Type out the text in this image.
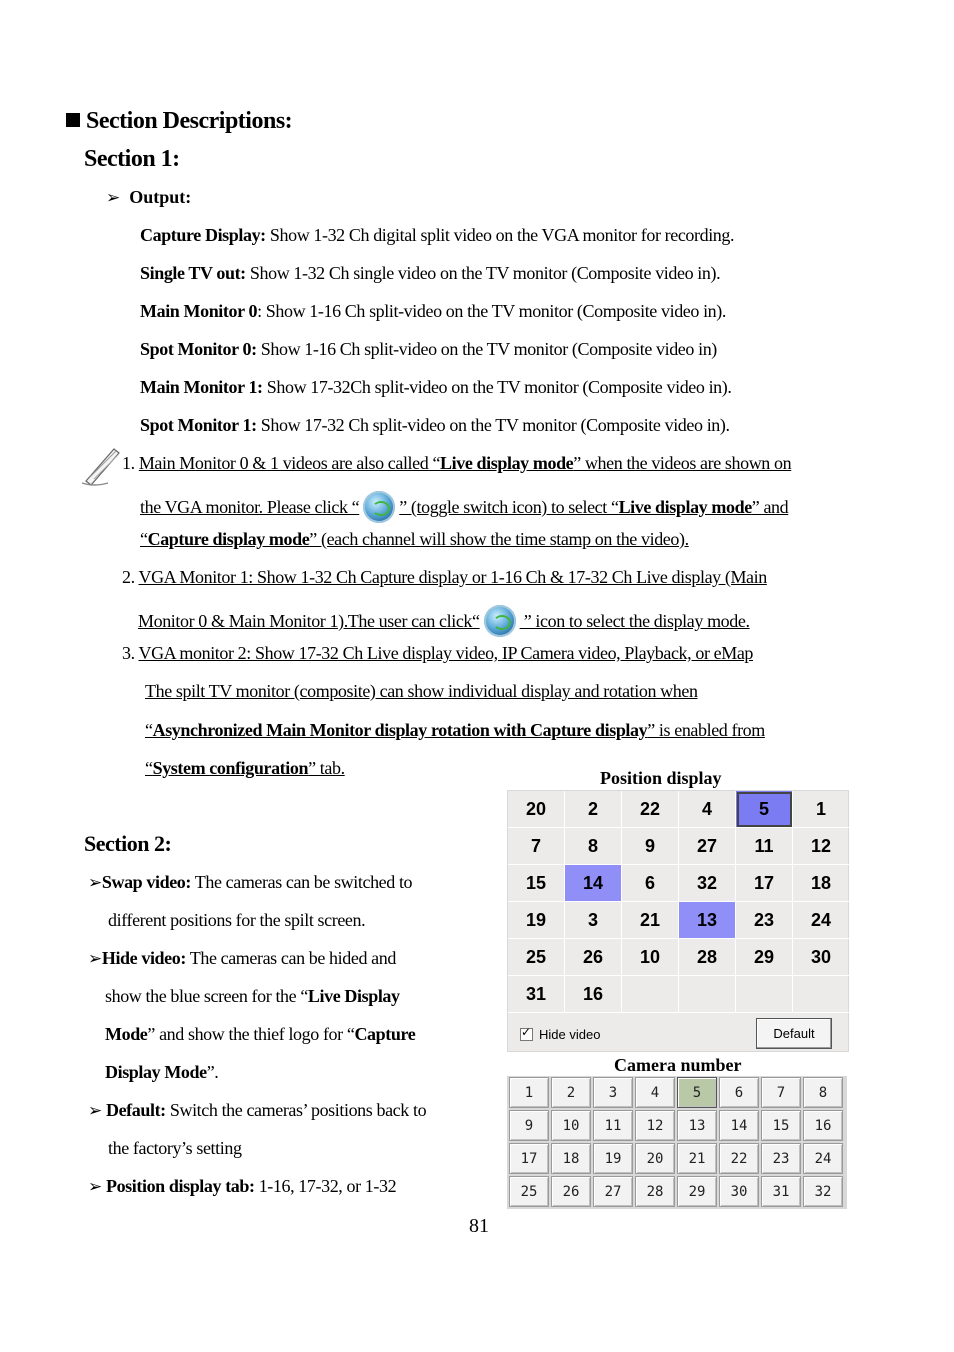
Section Descriptions:
Section 1:
➢ Output:
Capture Display: Show 1-32 Ch digital split video on the VGA monitor for recording.
Single TV out: Show 1-32 Ch single video on the TV monitor (Composite video in).
Main Monitor 0: Show 1-16 Ch split-video on the TV monitor (Composite video in).
Spot Monitor 0: Show 1-16 Ch split-video on the TV monitor (Composite video in)
Main Monitor 1: Show 17-32Ch split-video on the TV monitor (Composite video in).
Spot Monitor 1: Show 17-32 Ch split-video on the TV monitor (Composite video in).
1. Main Monitor 0 & 1 videos are also called “Live display mode” when the videos are shown on
the VGA monitor. Please click “ ” (toggle switch icon) to select “Live display mode” and
“Capture display mode” (each channel will show the time stamp on the video).
2. VGA Monitor 1: Show 1-32 Ch Capture display or 1-16 Ch & 17-32 Ch Live display (Main
Monitor 0 & Main Monitor 1).The user can click“ ” icon to select the display mode.
3. VGA monitor 2: Show 17-32 Ch Live display video, IP Camera video, Playback, or eMap
The spilt TV monitor (composite) can show individual display and rotation when
“Asynchronized Main Monitor display rotation with Capture display” is enabled from
“System configuration” tab.
Section 2:
➢Swap video: The cameras can be switched to
different positions for the spilt screen.
➢Hide video: The cameras can be hided and
show the blue screen for the “Live Display
Mode” and show the thief logo for “Capture
Display Mode”.
➢ Default: Switch the cameras’ positions back to
the factory’s setting
➢ Position display tab: 1-16, 17-32, or 1-32
Position display
✓
Hide video	Default
20	2	22	4	5	1
7	8	9	27	11	12
15	14	6	32	17	18
19	3	21	13	23	24
25	26	10	28	29	30
31	16
Camera number
1	2	3	4	5	6	7	8
9	10	11	12	13	14	15	16
17	18	19	20	21	22	23	24
25	26	27	28	29	30	31	32
81
